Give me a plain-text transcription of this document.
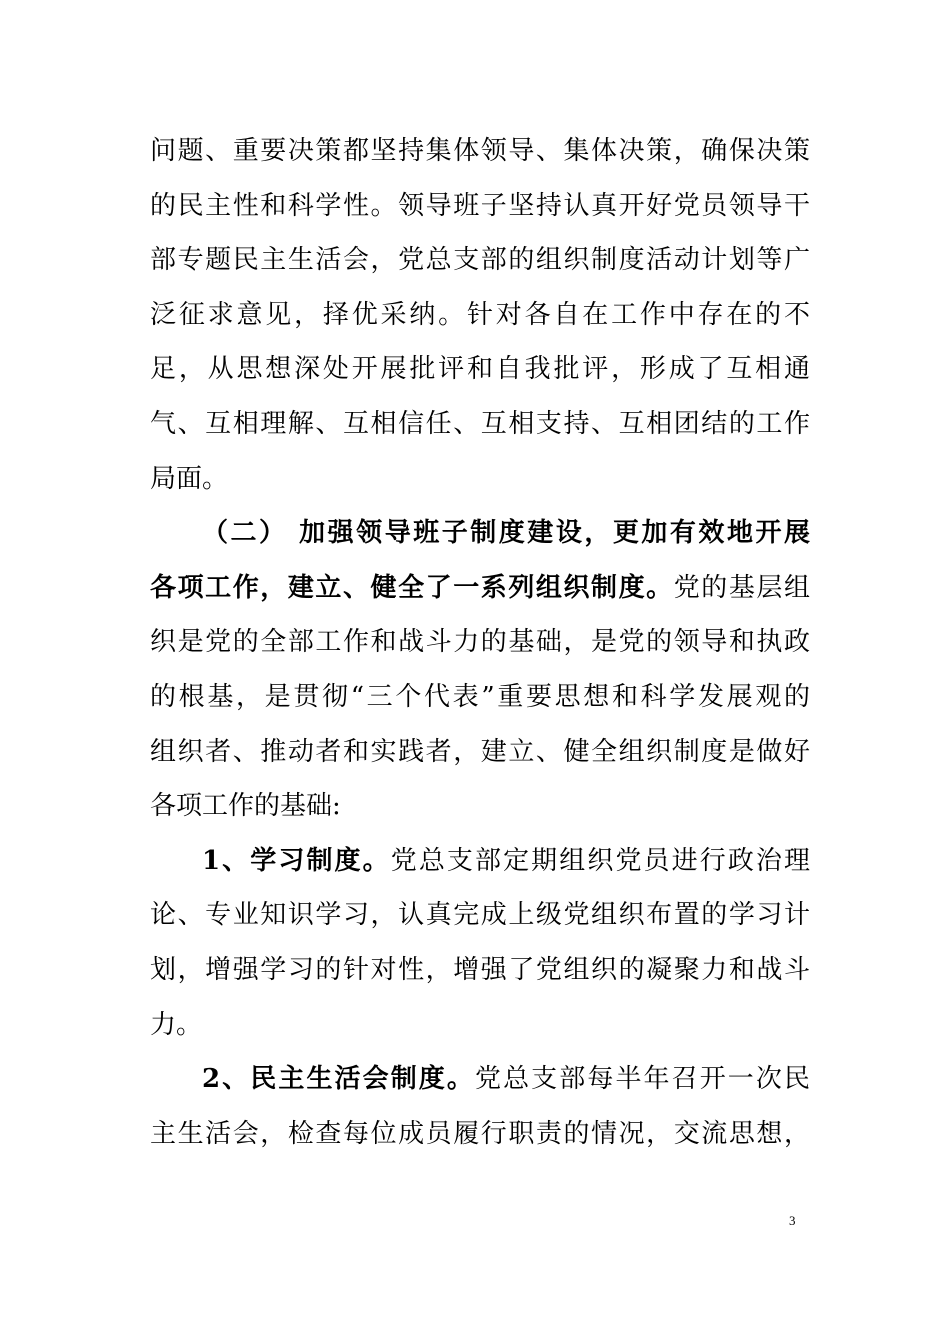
问题、重要决策都坚持集体领导、集体决策，确保决策
的民主性和科学性。领导班子坚持认真开好党员领导干
部专题民主生活会，党总支部的组织制度活动计划等广
泛征求意见，择优采纳。针对各自在工作中存在的不
足，从思想深处开展批评和自我批评，形成了互相通
气、互相理解、互相信任、互相支持、互相团结的工作
局面。
（二） 加强领导班子制度建设，更加有效地开展
各项工作，建立、健全了一系列组织制度。党的基层组
织是党的全部工作和战斗力的基础，是党的领导和执政
的根基，是贯彻“三个代表”重要思想和科学发展观的
组织者、推动者和实践者，建立、健全组织制度是做好
各项工作的基础:
1、学习制度。党总支部定期组织党员进行政治理
论、专业知识学习，认真完成上级党组织布置的学习计
划，增强学习的针对性，增强了党组织的凝聚力和战斗
力。
2、民主生活会制度。党总支部每半年召开一次民
主生活会，检查每位成员履行职责的情况，交流思想，
3
